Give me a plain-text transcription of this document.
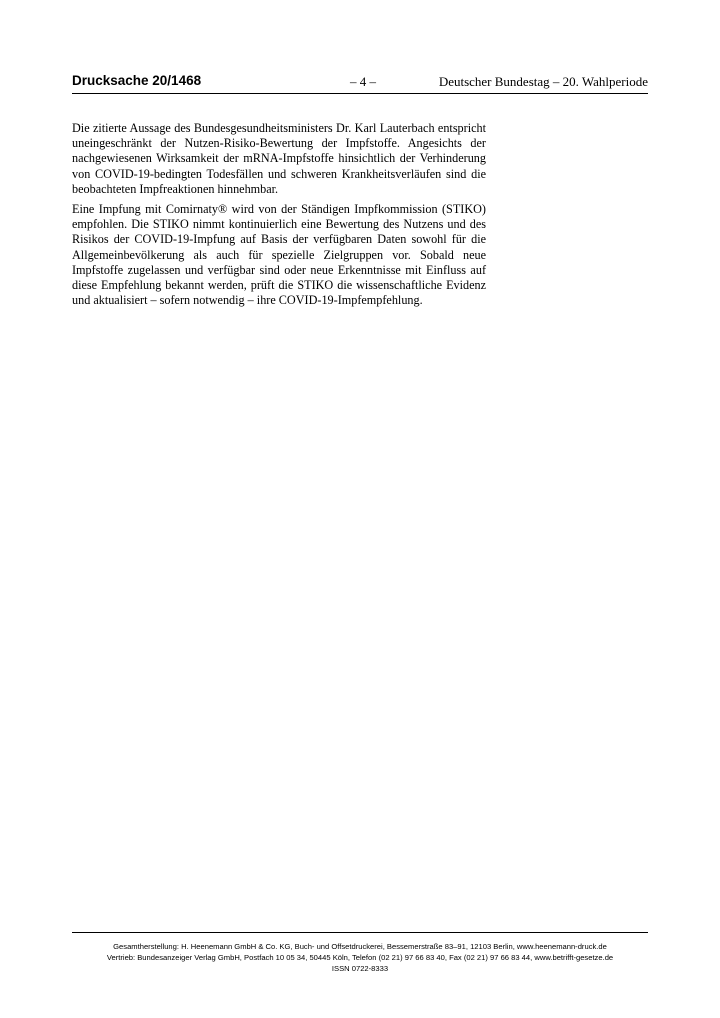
Drucksache 20/1468	– 4 –	Deutscher Bundestag – 20. Wahlperiode

Die zitierte Aussage des Bundesgesundheitsministers Dr. Karl Lauterbach entspricht uneingeschränkt der Nutzen-Risiko-Bewertung der Impfstoffe. Angesichts der nachgewiesenen Wirksamkeit der mRNA-Impfstoffe hinsichtlich der Verhinderung von COVID-19-bedingten Todesfällen und schweren Krankheitsverläufen sind die beobachteten Impfreaktionen hinnehmbar.

Eine Impfung mit Comirnaty® wird von der Ständigen Impfkommission (STIKO) empfohlen. Die STIKO nimmt kontinuierlich eine Bewertung des Nutzens und des Risikos der COVID-19-Impfung auf Basis der verfügbaren Daten sowohl für die Allgemeinbevölkerung als auch für spezielle Zielgruppen vor. Sobald neue Impfstoffe zugelassen und verfügbar sind oder neue Erkenntnisse mit Einfluss auf diese Empfehlung bekannt werden, prüft die STIKO die wissenschaftliche Evidenz und aktualisiert – sofern notwendig – ihre COVID-19-Impfempfehlung.

Gesamtherstellung: H. Heenemann GmbH & Co. KG, Buch- und Offsetdruckerei, Bessemerstraße 83–91, 12103 Berlin, www.heenemann-druck.de
Vertrieb: Bundesanzeiger Verlag GmbH, Postfach 10 05 34, 50445 Köln, Telefon (02 21) 97 66 83 40, Fax (02 21) 97 66 83 44, www.betrifft-gesetze.de
ISSN 0722-8333
